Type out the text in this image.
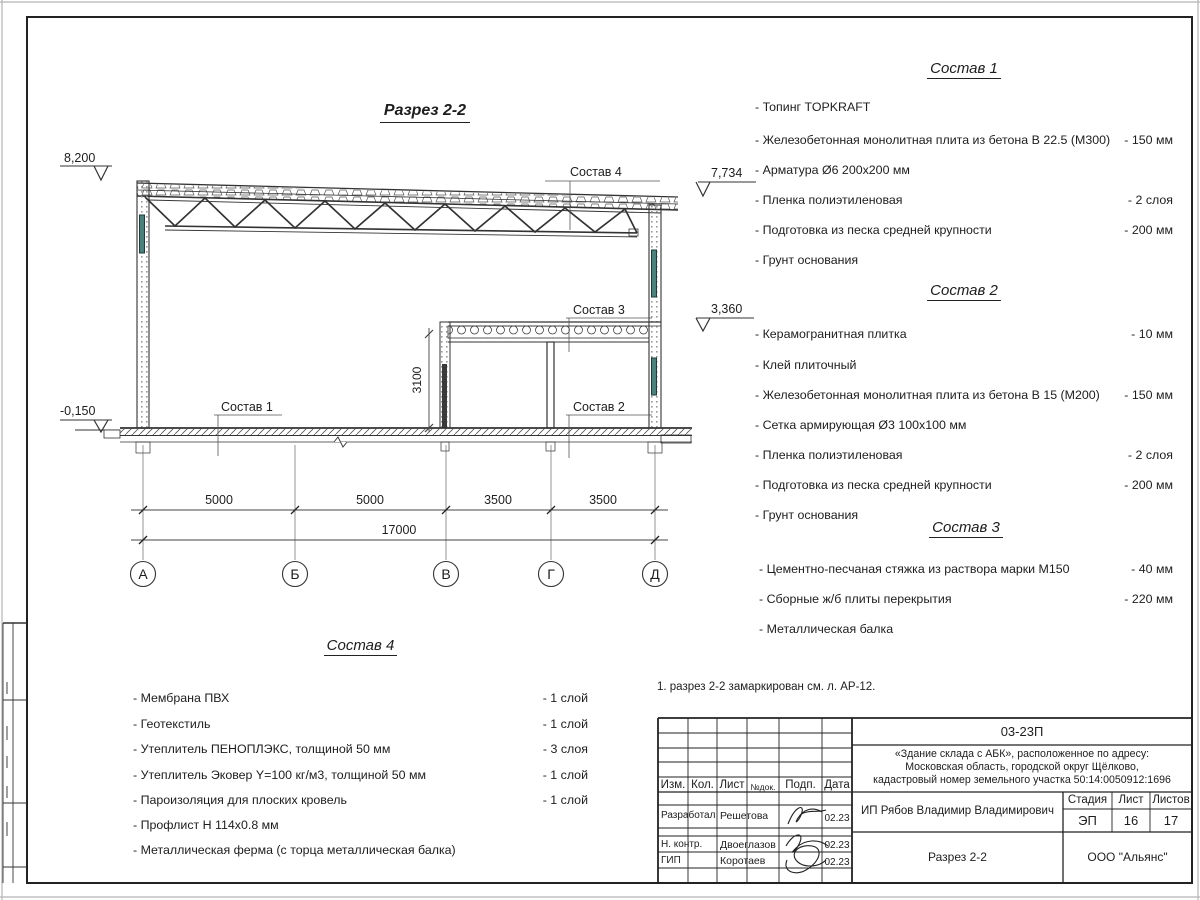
8,200
7,734
3,360
-0,150
Состав 4
Состав 3
Состав 2
Состав 1
3100
5000	5000	3500	3500
17000
А	Б	В	Г	Д
Разрез 2-2
Состав 1
- Топинг TOPKRAFT
- Железобетонная монолитная плита из бетона В 22.5 (М300) - 150 мм
- Арматура Ø6 200х200 мм
- Пленка полиэтиленовая	- 2 слоя
- Подготовка из песка средней крупности	- 200 мм
- Грунт основания
Состав 2
- Керамогранитная плитка	- 10 мм
- Клей плиточный
- Железобетонная монолитная плита из бетона В 15 (М200) - 150 мм
- Сетка армирующая Ø3 100х100 мм
- Пленка полиэтиленовая	- 2 слоя
- Подготовка из песка средней крупности	- 200 мм
- Грунт основания
Состав 3
- Цементно-песчаная стяжка из раствора марки М150	- 40 мм
- Сборные ж/б плиты перекрытия	- 220 мм
- Металлическая балка
Состав 4
- Мембрана ПВХ	- 1 слой
- Геотекстиль	- 1 слой
- Утеплитель ПЕНОПЛЭКС, толщиной 50 мм	- 3 слоя
- Утеплитель Эковер Y=100 кг/м3, толщиной 50 мм	- 1 слой
- Пароизоляция для плоских кровель	- 1 слой
- Профлист Н 114х0.8 мм
- Металлическая ферма (с торца металлическая балка)
1. разрез 2-2 замаркирован см. л. АР-12.
03-23П
«Здание склада с АБК», расположенное по адресу:
Московская область, городской округ Щёлково,
кадастровый номер земельного участка 50:14:0050912:1696
Изм. Кол. Лист №док. Подп. Дата
Разработал Решетова	02.23
Н. контр. Двоеглазов	02.23
ГИП	Коротаев	02.23
ИП Рябов Владимир Владимирович
Стадия Лист Листов
ЭП	16	17
Разрез 2-2	ООО "Альянс"
